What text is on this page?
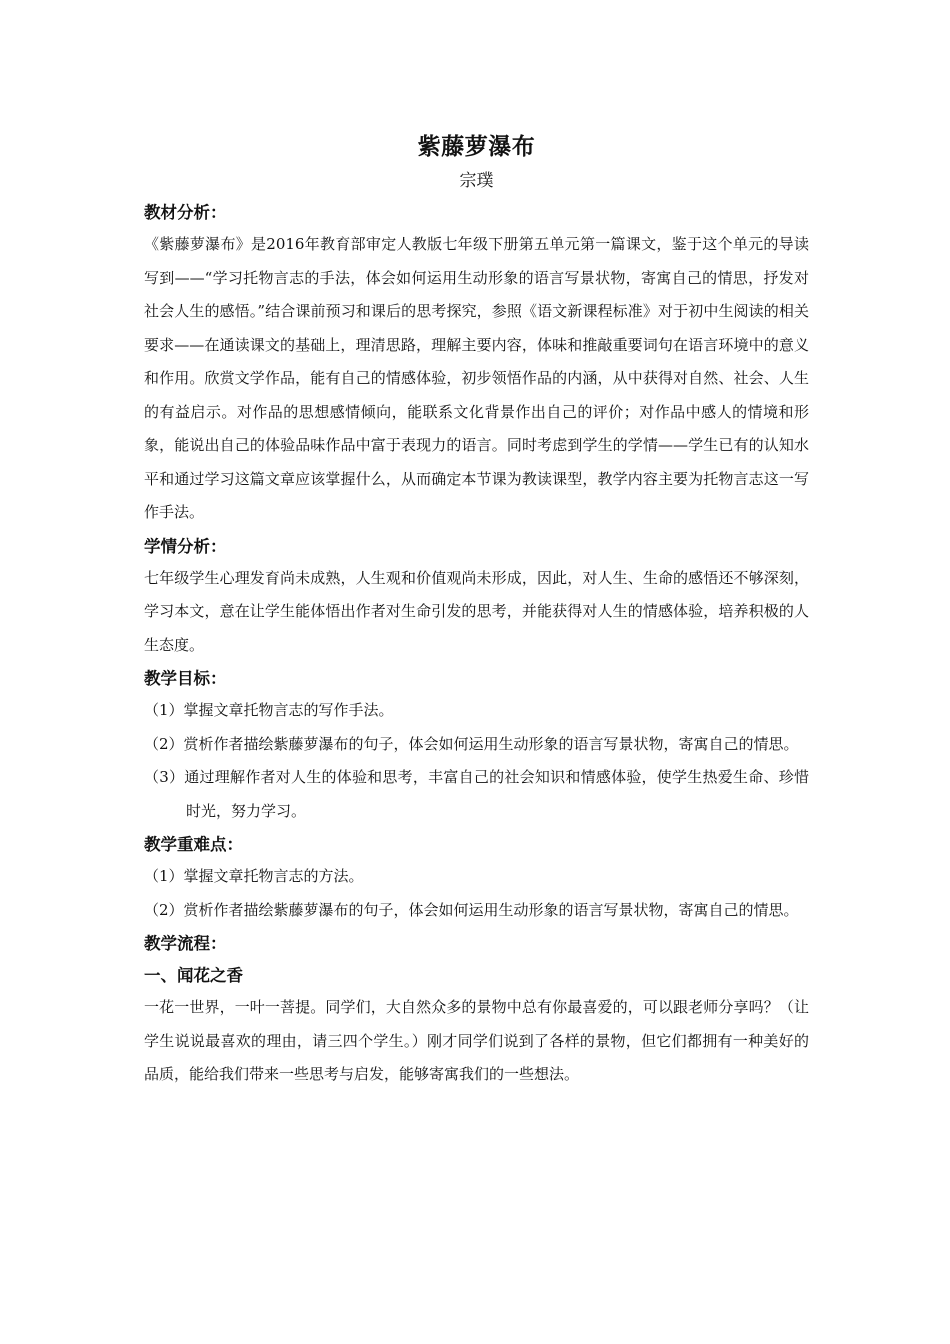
紫藤萝瀑布

宗璞

教材分析：

《紫藤萝瀑布》是2016年教育部审定人教版七年级下册第五单元第一篇课文，鉴于这个单元的导读写到——“学习托物言志的手法，体会如何运用生动形象的语言写景状物，寄寓自己的情思，抒发对社会人生的感悟。”结合课前预习和课后的思考探究，参照《语文新课程标准》对于初中生阅读的相关要求——在通读课文的基础上，理清思路，理解主要内容，体味和推敲重要词句在语言环境中的意义和作用。欣赏文学作品，能有自己的情感体验，初步领悟作品的内涵，从中获得对自然、社会、人生的有益启示。对作品的思想感情倾向，能联系文化背景作出自己的评价；对作品中感人的情境和形象，能说出自己的体验品味作品中富于表现力的语言。同时考虑到学生的学情——学生已有的认知水平和通过学习这篇文章应该掌握什么，从而确定本节课为教读课型，教学内容主要为托物言志这一写作手法。

学情分析：

七年级学生心理发育尚未成熟，人生观和价值观尚未形成，因此，对人生、生命的感悟还不够深刻，学习本文，意在让学生能体悟出作者对生命引发的思考，并能获得对人生的情感体验，培养积极的人生态度。

教学目标：

（1）掌握文章托物言志的写作手法。

（2）赏析作者描绘紫藤萝瀑布的句子，体会如何运用生动形象的语言写景状物，寄寓自己的情思。

（3）通过理解作者对人生的体验和思考，丰富自己的社会知识和情感体验，使学生热爱生命、珍惜时光，努力学习。

教学重难点：

（1）掌握文章托物言志的方法。

（2）赏析作者描绘紫藤萝瀑布的句子，体会如何运用生动形象的语言写景状物，寄寓自己的情思。

教学流程：
一、闻花之香

一花一世界，一叶一菩提。同学们，大自然众多的景物中总有你最喜爱的，可以跟老师分享吗？（让学生说说最喜欢的理由，请三四个学生。）刚才同学们说到了各样的景物，但它们都拥有一种美好的品质，能给我们带来一些思考与启发，能够寄寓我们的一些想法。
